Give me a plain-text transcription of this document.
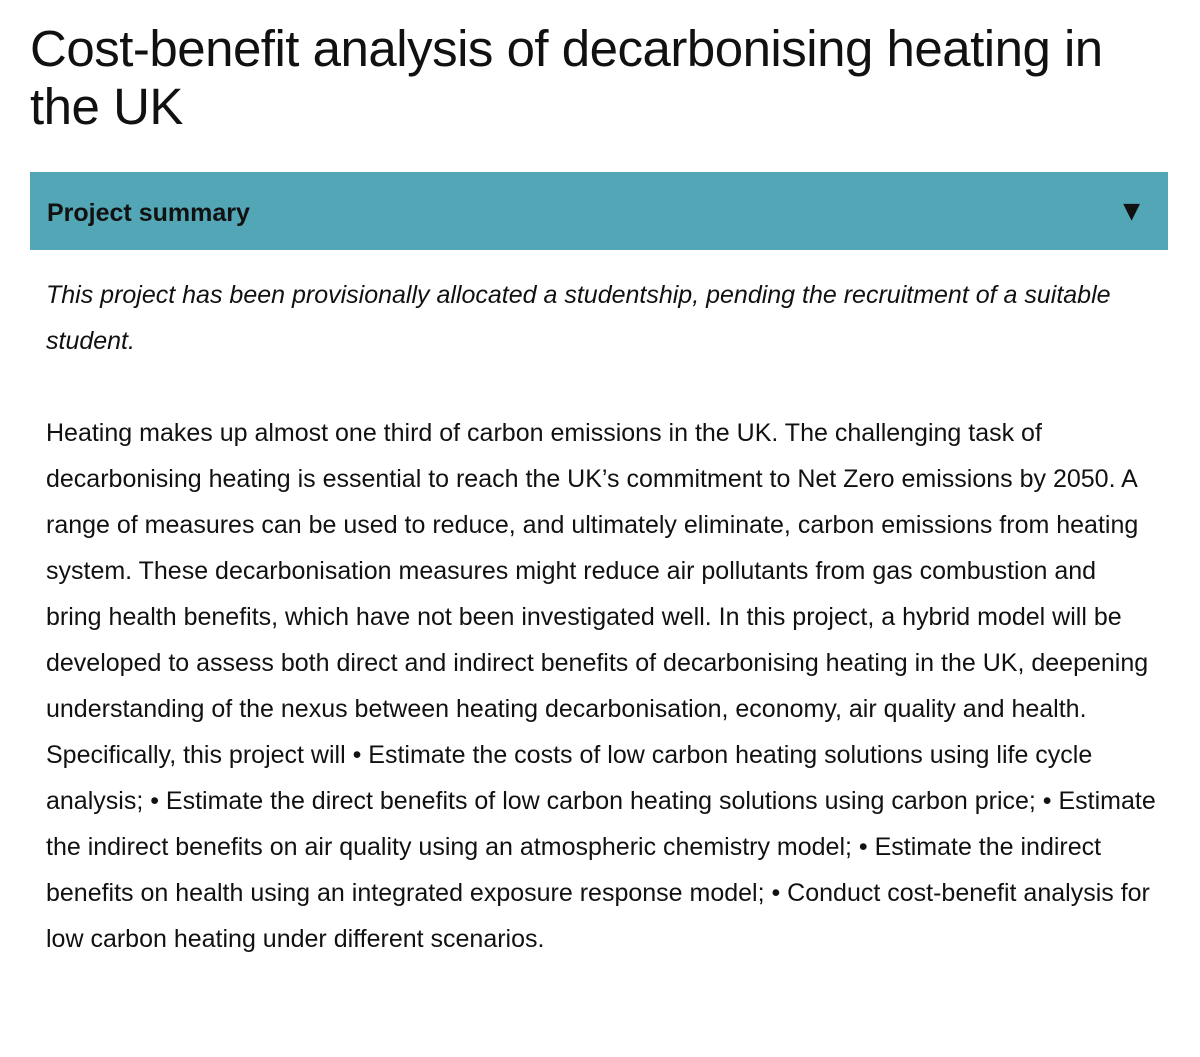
Cost-benefit analysis of decarbonising heating in the UK
Project summary	▼

This project has been provisionally allocated a studentship, pending the recruitment of a suitable student.

Heating makes up almost one third of carbon emissions in the UK. The challenging task of decarbonising heating is essential to reach the UK’s commitment to Net Zero emissions by 2050. A range of measures can be used to reduce, and ultimately eliminate, carbon emissions from heating system. These decarbonisation measures might reduce air pollutants from gas combustion and bring health benefits, which have not been investigated well. In this project, a hybrid model will be developed to assess both direct and indirect benefits of decarbonising heating in the UK, deepening understanding of the nexus between heating decarbonisation, economy, air quality and health. Specifically, this project will • Estimate the costs of low carbon heating solutions using life cycle analysis; • Estimate the direct benefits of low carbon heating solutions using carbon price; • Estimate the indirect benefits on air quality using an atmospheric chemistry model; • Estimate the indirect benefits on health using an integrated exposure response model; • Conduct cost-benefit analysis for low carbon heating under different scenarios.
